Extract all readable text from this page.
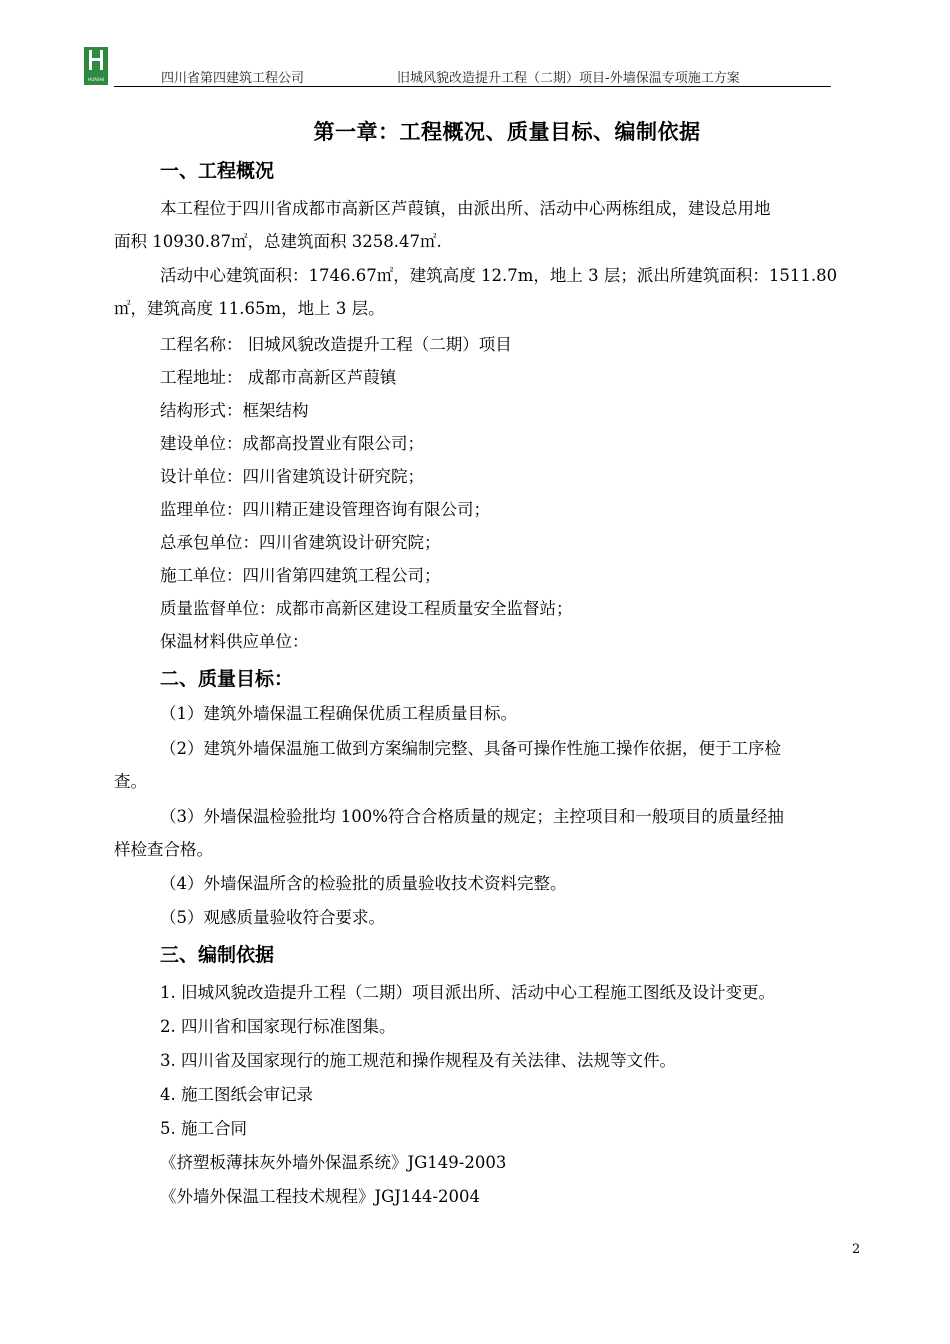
HUASHI	四川省第四建筑工程公司	旧城风貌改造提升工程（二期）项目-外墙保温专项施工方案
第一章：工程概况、质量目标、编制依据
一、工程概况
本工程位于四川省成都市高新区芦葭镇，由派出所、活动中心两栋组成，建设总用地
面积 10930.87㎡，总建筑面积 3258.47㎡.
活动中心建筑面积：1746.67㎡，建筑高度 12.7m，地上 3 层；派出所建筑面积：1511.80
㎡，建筑高度 11.65m，地上 3 层。
工程名称： 旧城风貌改造提升工程（二期）项目
工程地址： 成都市高新区芦葭镇
结构形式：框架结构
建设单位：成都高投置业有限公司；
设计单位：四川省建筑设计研究院；
监理单位：四川精正建设管理咨询有限公司；
总承包单位：四川省建筑设计研究院；
施工单位：四川省第四建筑工程公司；
质量监督单位：成都市高新区建设工程质量安全监督站；
保温材料供应单位：
二、质量目标：
（1）建筑外墙保温工程确保优质工程质量目标。
（2）建筑外墙保温施工做到方案编制完整、具备可操作性施工操作依据，便于工序检
查。
（3）外墙保温检验批均 100%符合合格质量的规定；主控项目和一般项目的质量经抽
样检查合格。
（4）外墙保温所含的检验批的质量验收技术资料完整。
（5）观感质量验收符合要求。
三、编制依据
1. 旧城风貌改造提升工程（二期）项目派出所、活动中心工程施工图纸及设计变更。
2. 四川省和国家现行标准图集。
3. 四川省及国家现行的施工规范和操作规程及有关法律、法规等文件。
4. 施工图纸会审记录
5. 施工合同
《挤塑板薄抹灰外墙外保温系统》JG149-2003
《外墙外保温工程技术规程》JGJ144-2004
2
